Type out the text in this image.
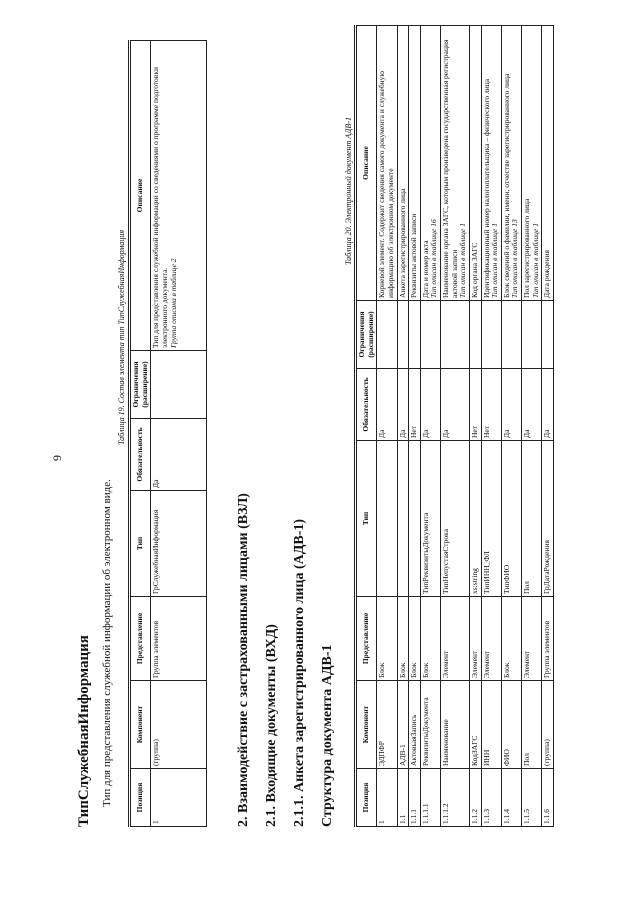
9
ТипСлужебнаяИнформация Тип для представления служебной информации об электронном виде.
Таблица 19. Состав элемента тип ТипСлужебнаяИнформация
Позиция	Компонент	Представление	Тип	Обязательность	Ограничения (расширение)	Описание
1	(группа)	Группа элементов	ГрСлужебнаяИнформация	Да		Тип для представления служебной информации со сведениями о программе подготовки электронного документа. Группа описана в таблице 2
2. Взаимодействие с застрахованными лицами (ВЗЛ) 2.1. Входящие документы (ВХД) 2.1.1. Анкета зарегистрированного лица (АДВ-1) Структура документа АДВ-1
Таблица 20. Электронный документ АДВ-1
Позиция	Компонент	Представление	Тип	Обязательность	Ограничения (расширение)	Описание
1	ЭДПФР	Блок		Да		Корневой элемент. Содержит сведения самого документа и служебную информацию об электронном документе

1.1	АДВ-1	Блок		Да		Анкета зарегистрированного лица

1.1.1	АктовьаяЗапись	Блок		Нет		Реквизиты актовой записи

1.1.1.1	РеквизитыДокумента	Блок	ТипРеквизитыДокумента	Да		Дата и номер акта Тип описан в таблице 16

1.1.1.2	Наименование	Элемент	ТипНепустаяСтрока	Да		Наименование органа ЗАГС, которым произведена государственная регистрация актовой записи Тип описан в таблице 1

1.1.2	КодЗАГС	Элемент	xs:string	Нет		Код органа ЗАГС

1.1.3	ИНН	Элемент	ТипИНН_ФЛ	Нет		Идентификационный номер налогоплательщика – физического лица Тип описан в таблице 1

1.1.4	ФИО	Блок	ТипФИО	Да		Блок сведений о фамилии, имени, отчестве зарегистрированного лица Тип описан в таблице 13

1.1.5	Пол	Элемент	Пол	Да		Пол зарегистрированного лица Тип описан в таблице 1

1.1.6	(группа)	Группа элементов	ГрДатаРождения	Да		Дата рождения
